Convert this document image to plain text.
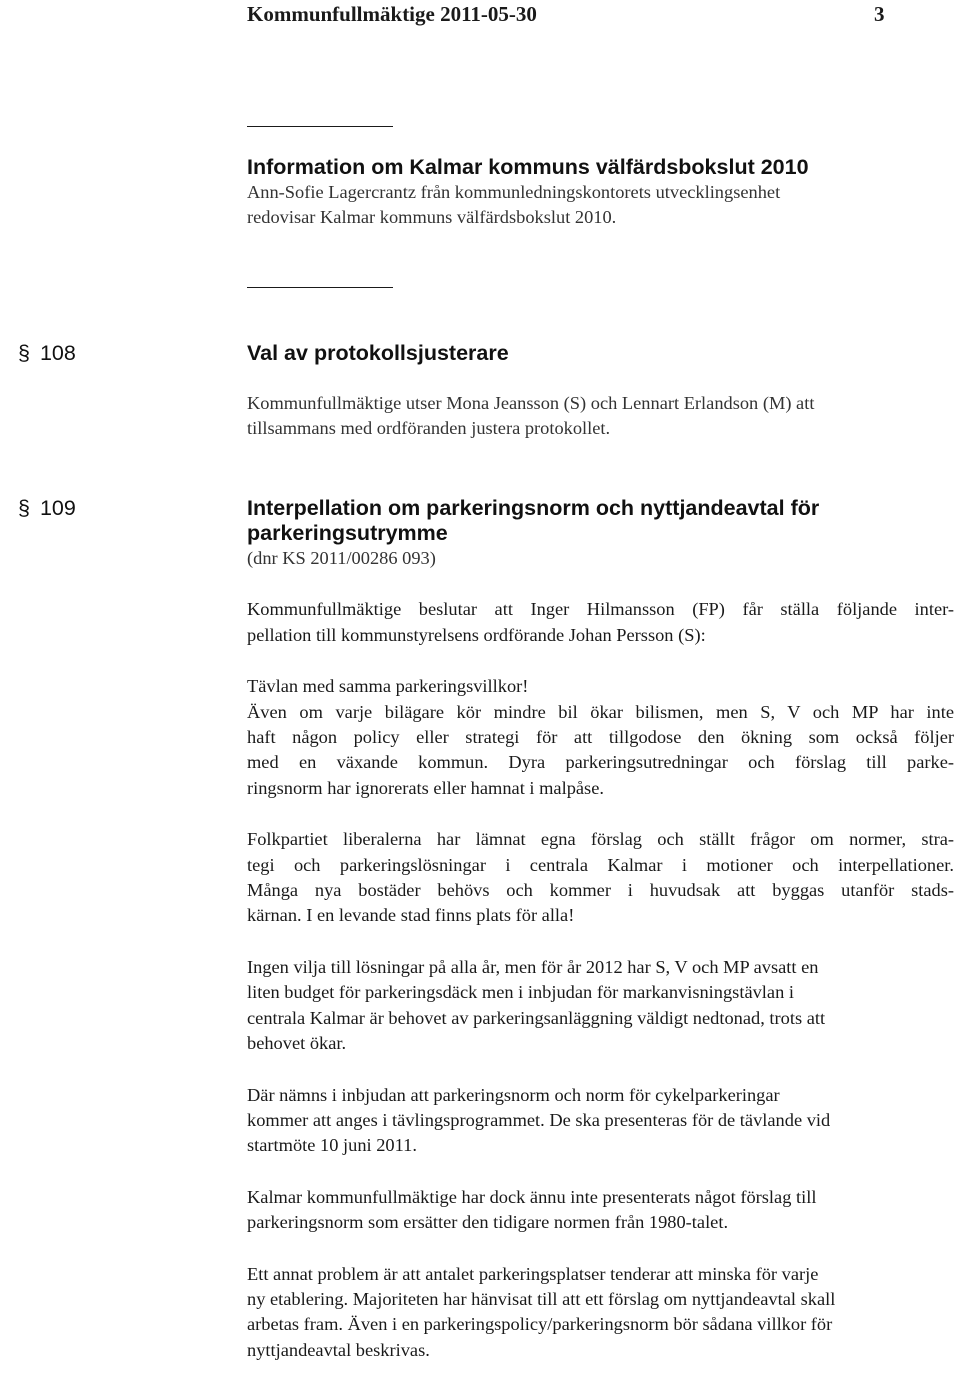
Kommunfullmäktige 2011-05-30	3
Information om Kalmar kommuns välfärdsbokslut 2010

Ann-Sofie Lagercrantz från kommunledningskontorets utvecklingsenhet
redovisar Kalmar kommuns välfärdsbokslut 2010.

§ 108	Val av protokollsjusterare

Kommunfullmäktige utser Mona Jeansson (S) och Lennart Erlandson (M) att
tillsammans med ordföranden justera protokollet.

§ 109	Interpellation om parkeringsnorm och nyttjandeavtal för
parkeringsutrymme

(dnr KS 2011/00286 093)

Kommunfullmäktige beslutar att Inger Hilmansson (FP) får ställa följande inter-
pellation till kommunstyrelsens ordförande Johan Persson (S):

Tävlan med samma parkeringsvillkor!

Även om varje bilägare kör mindre bil ökar bilismen, men S, V och MP har inte
haft någon policy eller strategi för att tillgodose den ökning som också följer
med en växande kommun. Dyra parkeringsutredningar och förslag till parke-
ringsnorm har ignorerats eller hamnat i malpåse.
Folkpartiet liberalerna har lämnat egna förslag och ställt frågor om normer, stra-
tegi och parkeringslösningar i centrala Kalmar i motioner och interpellationer.
Många nya bostäder behövs och kommer i huvudsak att byggas utanför stads-
kärnan. I en levande stad finns plats för alla!
Ingen vilja till lösningar på alla år, men för år 2012 har S, V och MP avsatt en
liten budget för parkeringsdäck men i inbjudan för markanvisningstävlan i
centrala Kalmar är behovet av parkeringsanläggning väldigt nedtonad, trots att
behovet ökar.
Där nämns i inbjudan att parkeringsnorm och norm för cykelparkeringar
kommer att anges i tävlingsprogrammet. De ska presenteras för de tävlande vid
startmöte 10 juni 2011.
Kalmar kommunfullmäktige har dock ännu inte presenterats något förslag till
parkeringsnorm som ersätter den tidigare normen från 1980-talet.
Ett annat problem är att antalet parkeringsplatser tenderar att minska för varje
ny etablering. Majoriteten har hänvisat till att ett förslag om nyttjandeavtal skall
arbetas fram. Även i en parkeringspolicy/parkeringsnorm bör sådana villkor för
nyttjandeavtal beskrivas.
